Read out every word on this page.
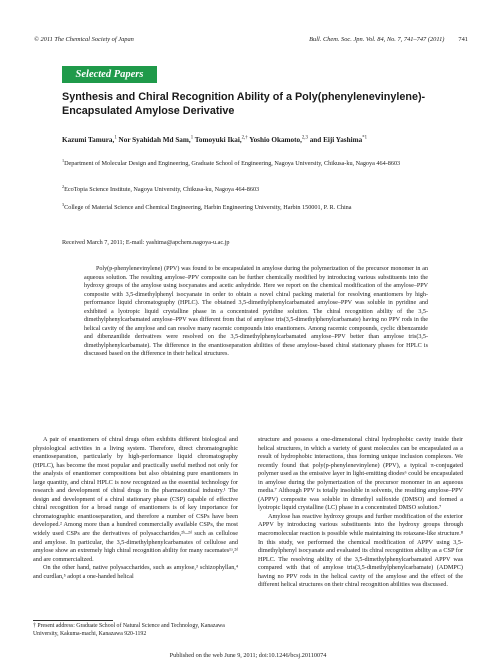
© 2011 The Chemical Society of Japan	Bull. Chem. Soc. Jpn. Vol. 84, No. 7, 741–747 (2011) 741
Selected Papers
Synthesis and Chiral Recognition Ability of a Poly(phenylenevinylene)-Encapsulated Amylose Derivative
Kazumi Tamura,$^1$ Nor Syahidah Md Sam,$^1$ Tomoyuki Ikai,$^{2,\dagger}$ Yoshio Okamoto,$^{2,3}$ and Eiji Yashima$^{*1}$
$^1$Department of Molecular Design and Engineering, Graduate School of Engineering, Nagoya University, Chikusa-ku, Nagoya 464-8603
$^2$EcoTopia Science Institute, Nagoya University, Chikusa-ku, Nagoya 464-8603
$^3$College of Material Science and Chemical Engineering, Harbin Engineering University, Harbin 150001, P. R. China
Received March 7, 2011; E-mail: yashima@apchem.nagoya-u.ac.jp
Poly(p-phenylenevinylene) (PPV) was found to be encapsulated in amylose during the polymerization of the precursor monomer in an aqueous solution. The resulting amylose–PPV composite can be further chemically modified by introducing various substituents into the hydroxy groups of the amylose using isocyanates and acetic anhydride. Here we report on the chemical modification of the amylose–PPV composite with 3,5-dimethylphenyl isocyanate in order to obtain a novel chiral packing material for resolving enantiomers by high-performance liquid chromatography (HPLC). The obtained 3,5-dimethylphenylcarbamated amylose–PPV was soluble in pyridine and exhibited a lyotropic liquid crystalline phase in a concentrated pyridine solution. The chiral recognition ability of the 3,5-dimethylphenylcarbamated amylose–PPV was different from that of amylose tris(3,5-dimethylphenylcarbamate) having no PPV rods in the helical cavity of the amylose and can resolve many racemic compounds into enantiomers. Among racemic compounds, cyclic dibenzamide and dibenzanilide derivatives were resolved on the 3,5-dimethylphenylcarbamated amylose–PPV better than amylose tris(3,5-dimethylphenylcarbamate). The difference in the enantioseparation abilities of these amylose-based chiral stationary phases for HPLC is discussed based on the difference in their helical structures.

A pair of enantiomers of chiral drugs often exhibits different biological and physiological activities in a living system. Therefore, direct chromatographic enantioseparation, particularly by high-performance liquid chromatography (HPLC), has become the most popular and practically useful method not only for the analysis of enantiomer compositions but also obtaining pure enantiomers in large quantity, and chiral HPLC is now recognized as the essential technology for research and development of chiral drugs in the pharmaceutical industry.¹ The design and development of a chiral stationary phase (CSP) capable of effective chiral recognition for a broad range of enantiomers is of key importance for chromatographic enantioseparation, and therefore a number of CSPs have been developed.² Among more than a hundred commercially available CSPs, the most widely used CSPs are the derivatives of polysaccharides,²ᵇ–²ᵈ such as cellulose and amylose. In particular, the 3,5-dimethylphenylcarbamates of cellulose and amylose show an extremely high chiral recognition ability for many racemates¹ᵃ,²ᵈ and are commercialized.

On the other hand, native polysaccharides, such as amylose,³ schizophyllan,⁴ and curdlan,⁵ adopt a one-handed helical

structure and possess a one-dimensional chiral hydrophobic cavity inside their helical structures, in which a variety of guest molecules can be encapsulated as a result of hydrophobic interactions, thus forming unique inclusion complexes. We recently found that poly(p-phenylenevinylene) (PPV), a typical π-conjugated polymer used as the emissive layer in light-emitting diodes⁶ could be encapsulated in amylose during the polymerization of the precursor monomer in an aqueous media.⁷ Although PPV is totally insoluble in solvents, the resulting amylose–PPV (APPV) composite was soluble in dimethyl sulfoxide (DMSO) and formed a lyotropic liquid crystalline (LC) phase in a concentrated DMSO solution.⁷

Amylose has reactive hydroxy groups and further modification of the exterior APPV by introducing various substituents into the hydroxy groups through macromolecular reaction is possible while maintaining its rotaxane-like structure.⁸ In this study, we performed the chemical modification of APPV using 3,5-dimethylphenyl isocyanate and evaluated its chiral recognition ability as a CSP for HPLC. The resolving ability of the 3,5-dimethylphenylcarbamated APPV was compared with that of amylose tris(3,5-dimethylphenylcarbamate) (ADMPC) having no PPV rods in the helical cavity of the amylose and the effect of the different helical structures on their chiral recognition abilities was discussed.

† Present address: Graduate School of Natural Science and Technology, Kanazawa University, Kakuma-machi, Kanazawa 920-1192
Published on the web June 9, 2011; doi:10.1246/bcsj.20110074
